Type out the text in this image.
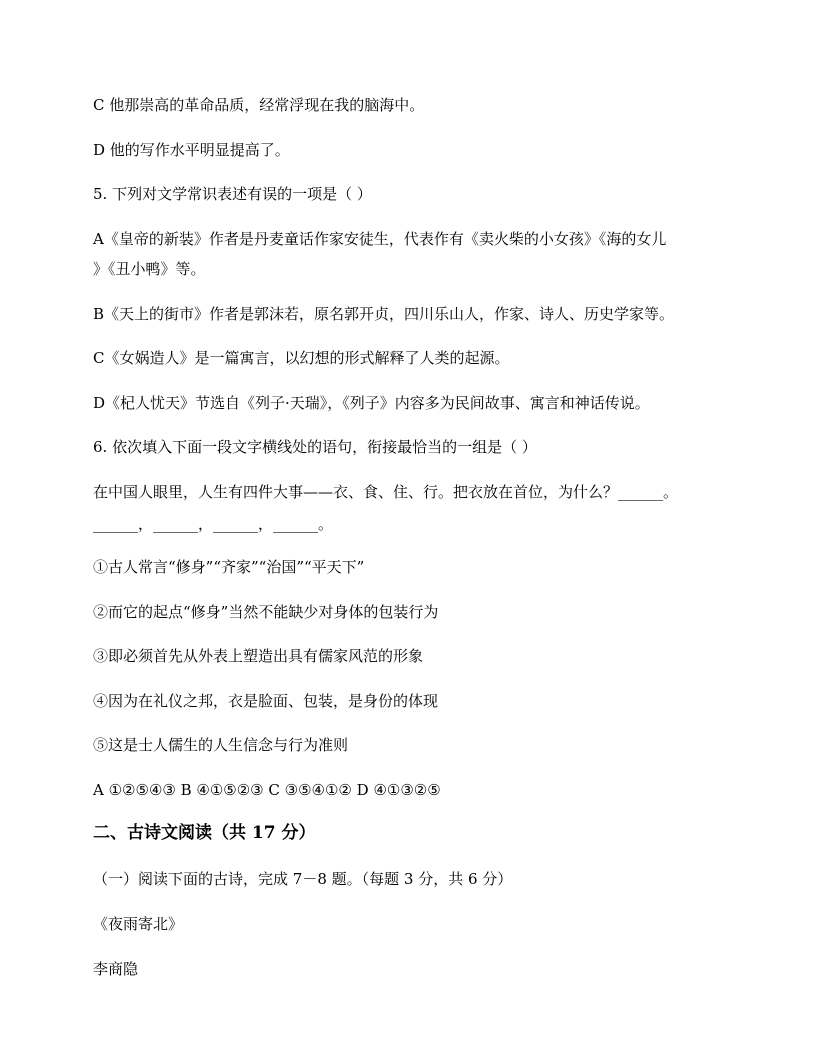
C 他那崇高的革命品质，经常浮现在我的脑海中。
D 他的写作水平明显提高了。
5. 下列对文学常识表述有误的一项是（ ）
A《皇帝的新装》作者是丹麦童话作家安徒生，代表作有《卖火柴的小女孩》《海的女儿
》《丑小鸭》等。
B《天上的街市》作者是郭沫若，原名郭开贞，四川乐山人，作家、诗人、历史学家等。
C《女娲造人》是一篇寓言，以幻想的形式解释了人类的起源。
D《杞人忧天》节选自《列子·天瑞》，《列子》内容多为民间故事、寓言和神话传说。
6. 依次填入下面一段文字横线处的语句，衔接最恰当的一组是（ ）
在中国人眼里，人生有四件大事——衣、食、住、行。把衣放在首位，为什么？______。
______，______，______，______。
①古人常言“修身”“齐家”“治国”“平天下”
②而它的起点“修身”当然不能缺少对身体的包装行为
③即必须首先从外表上塑造出具有儒家风范的形象
④因为在礼仪之邦，衣是脸面、包装，是身份的体现
⑤这是士人儒生的人生信念与行为准则
A ①②⑤④③ B ④①⑤②③ C ③⑤④①② D ④①③②⑤
二、古诗文阅读（共 17 分）
（一）阅读下面的古诗，完成 7－8 题。（每题 3 分，共 6 分）
《夜雨寄北》
李商隐
